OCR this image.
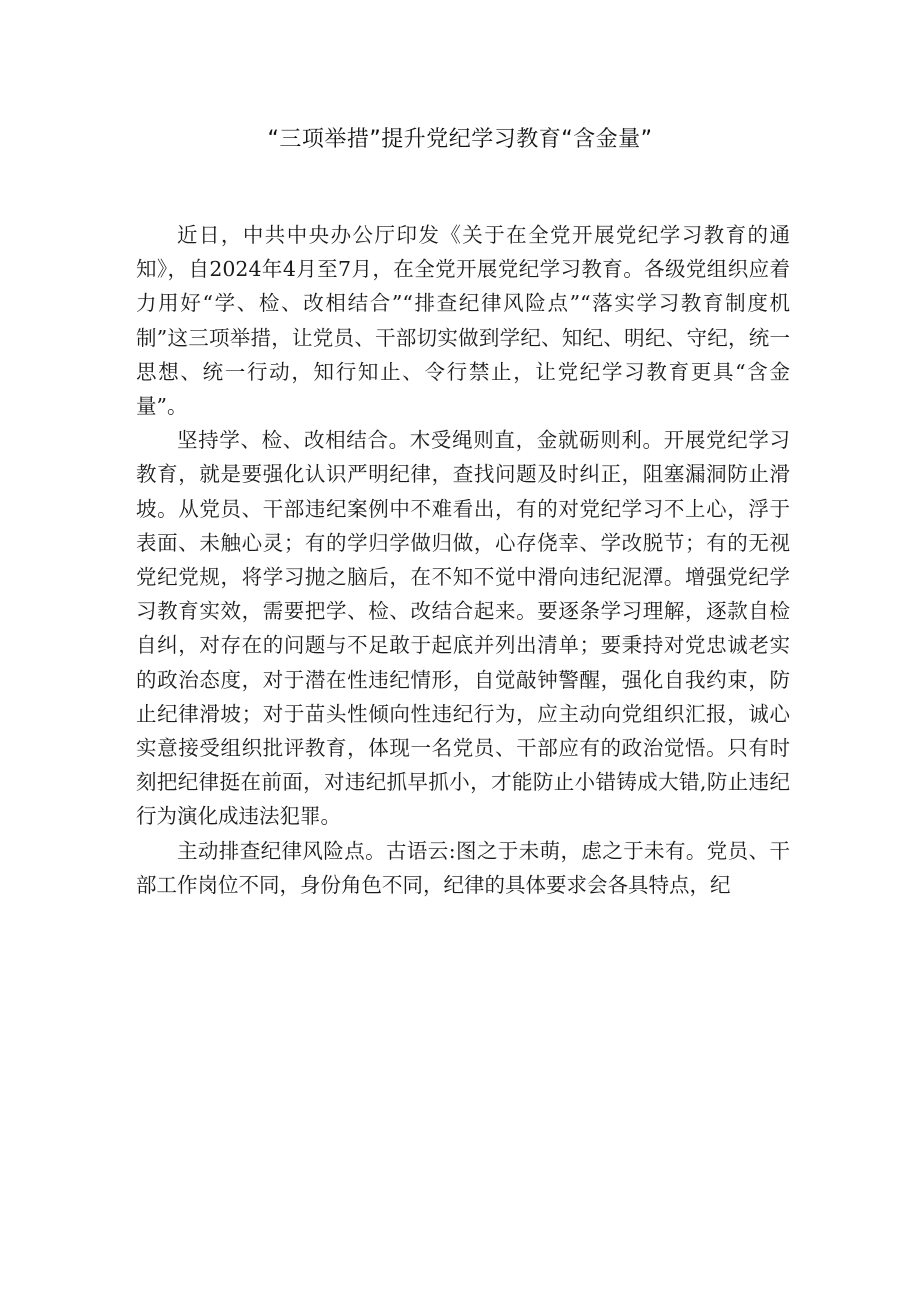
“三项举措”提升党纪学习教育“含金量”

近日，中共中央办公厅印发《关于在全党开展党纪学习教育的通知》，自2024年4月至7月，在全党开展党纪学习教育。各级党组织应着力用好“学、检、改相结合”“排查纪律风险点”“落实学习教育制度机制”这三项举措，让党员、干部切实做到学纪、知纪、明纪、守纪，统一思想、统一行动，知行知止、令行禁止，让党纪学习教育更具“含金量”。

坚持学、检、改相结合。木受绳则直，金就砺则利。开展党纪学习教育，就是要强化认识严明纪律，查找问题及时纠正，阻塞漏洞防止滑坡。从党员、干部违纪案例中不难看出，有的对党纪学习不上心，浮于表面、未触心灵；有的学归学做归做，心存侥幸、学改脱节；有的无视党纪党规，将学习抛之脑后，在不知不觉中滑向违纪泥潭。增强党纪学习教育实效，需要把学、检、改结合起来。要逐条学习理解，逐款自检自纠，对存在的问题与不足敢于起底并列出清单；要秉持对党忠诚老实的政治态度，对于潜在性违纪情形，自觉敲钟警醒，强化自我约束，防止纪律滑坡；对于苗头性倾向性违纪行为，应主动向党组织汇报，诚心实意接受组织批评教育，体现一名党员、干部应有的政治觉悟。只有时刻把纪律挺在前面，对违纪抓早抓小，才能防止小错铸成大错,防止违纪行为演化成违法犯罪。

主动排查纪律风险点。古语云:图之于未萌，虑之于未有。党员、干部工作岗位不同，身份角色不同，纪律的具体要求会各具特点，纪
